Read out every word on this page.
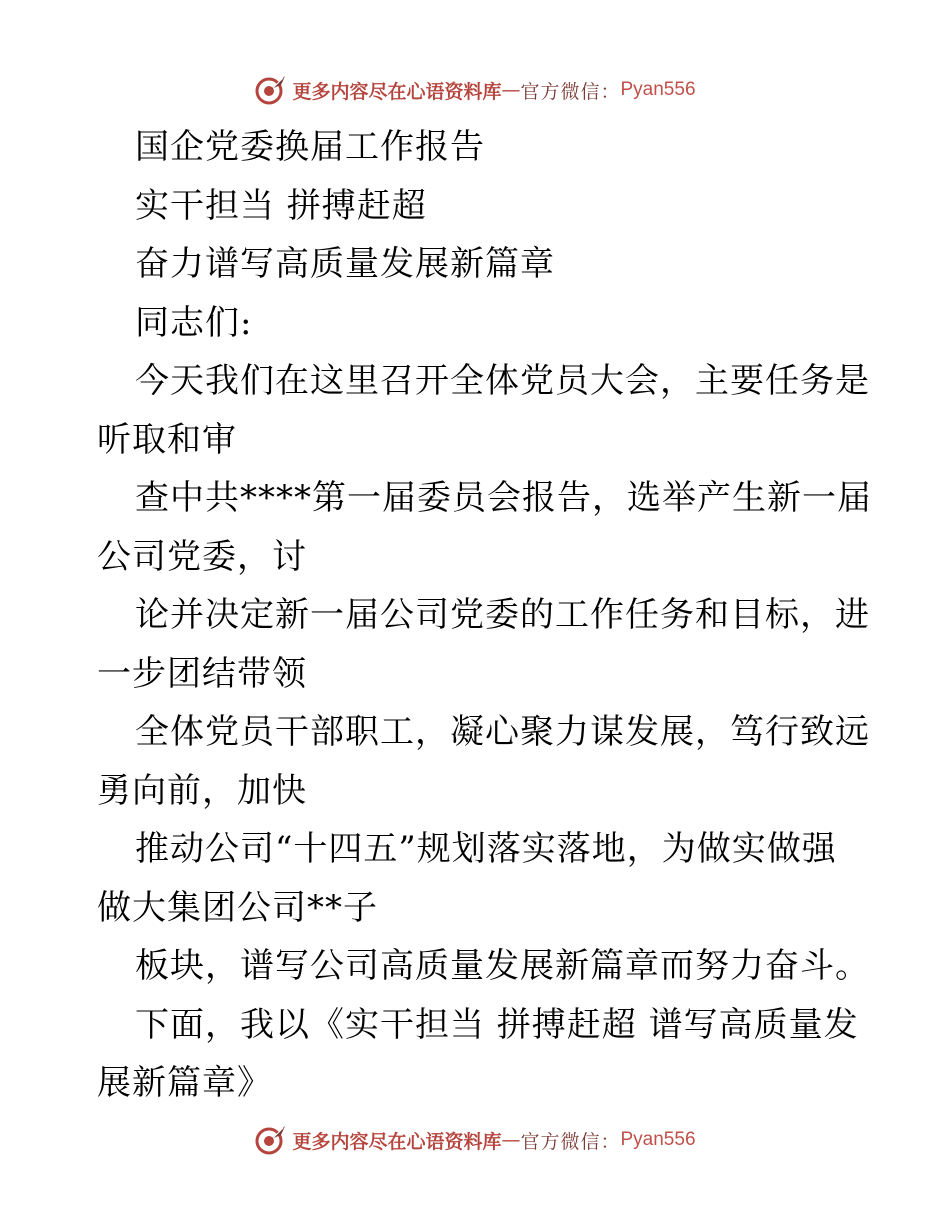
更多内容尽在心语资料库 — 官方微信： Pyan556
国企党委换届工作报告
实干担当 拼搏赶超
奋力谱写高质量发展新篇章
同志们:
今天我们在这里召开全体党员大会，主要任务是
听取和审
查中共****第一届委员会报告，选举产生新一届
公司党委，讨
论并决定新一届公司党委的工作任务和目标，进
一步团结带领
全体党员干部职工，凝心聚力谋发展，笃行致远
勇向前，加快
推动公司“十四五”规划落实落地，为做实做强
做大集团公司**子
板块，谱写公司高质量发展新篇章而努力奋斗。
下面，我以《实干担当 拼搏赶超 谱写高质量发
展新篇章》
更多内容尽在心语资料库 — 官方微信： Pyan556
